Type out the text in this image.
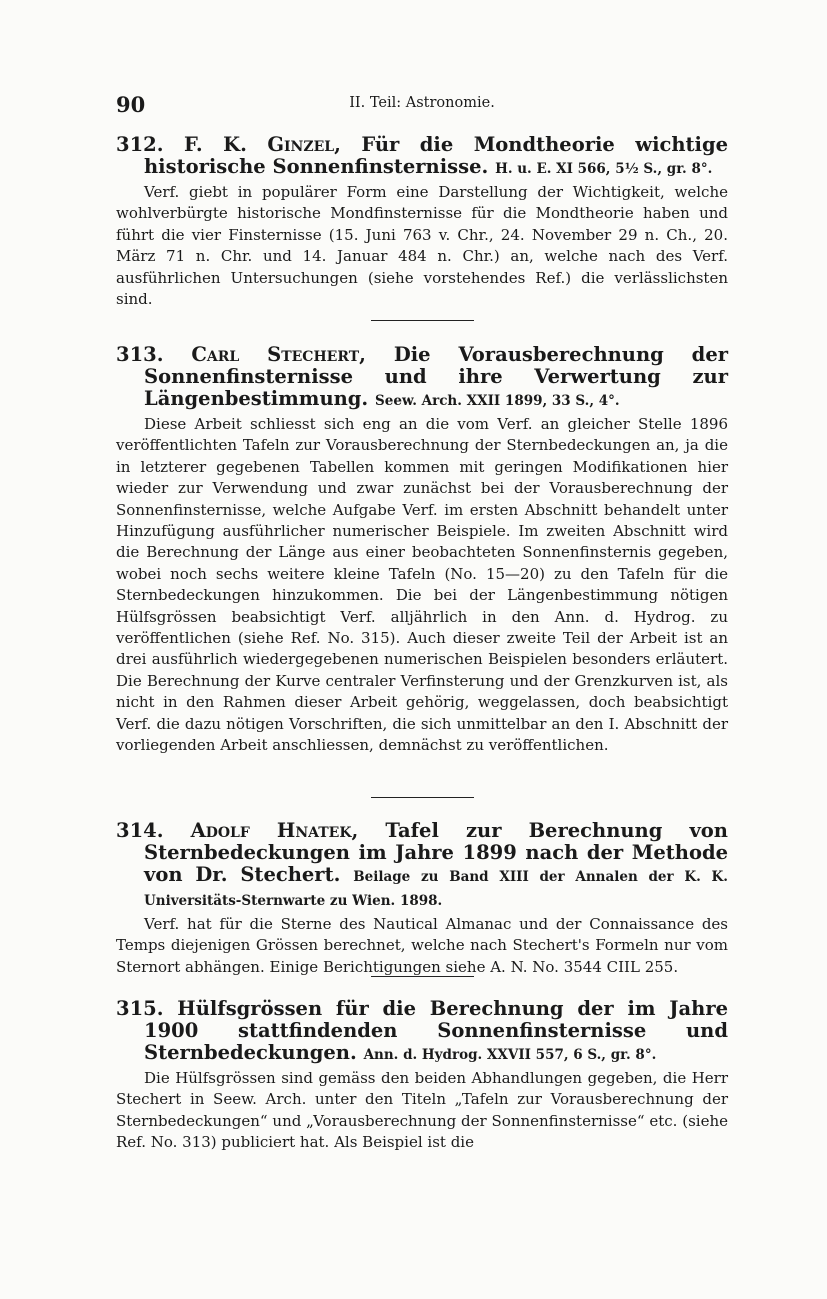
90	II. Teil: Astronomie.

312. F. K. Ginzel, Für die Mondtheorie wichtige historische Sonnenfinsternisse. H. u. E. XI 566, 5½ S., gr. 8°.

Verf. giebt in populärer Form eine Darstellung der Wichtigkeit, welche wohlverbürgte historische Mondfinsternisse für die Mondtheorie haben und führt die vier Finsternisse (15. Juni 763 v. Chr., 24. November 29 n. Ch., 20. März 71 n. Chr. und 14. Januar 484 n. Chr.) an, welche nach des Verf. ausführlichen Untersuchungen (siehe vorstehendes Ref.) die verlässlichsten sind.

313. Carl Stechert, Die Vorausberechnung der Sonnenfinsternisse und ihre Verwertung zur Längenbestimmung. Seew. Arch. XXII 1899, 33 S., 4°.

Diese Arbeit schliesst sich eng an die vom Verf. an gleicher Stelle 1896 veröffentlichten Tafeln zur Vorausberechnung der Sternbedeckungen an, ja die in letzterer gegebenen Tabellen kommen mit geringen Modifikationen hier wieder zur Verwendung und zwar zunächst bei der Vorausberechnung der Sonnenfinsternisse, welche Aufgabe Verf. im ersten Abschnitt behandelt unter Hinzufügung ausführlicher numerischer Beispiele. Im zweiten Abschnitt wird die Berechnung der Länge aus einer beobachteten Sonnenfinsternis gegeben, wobei noch sechs weitere kleine Tafeln (No. 15—20) zu den Tafeln für die Sternbedeckungen hinzukommen. Die bei der Längenbestimmung nötigen Hülfsgrössen beabsichtigt Verf. alljährlich in den Ann. d. Hydrog. zu veröffentlichen (siehe Ref. No. 315). Auch dieser zweite Teil der Arbeit ist an drei ausführlich wiedergegebenen numerischen Beispielen besonders erläutert. Die Berechnung der Kurve centraler Verfinsterung und der Grenzkurven ist, als nicht in den Rahmen dieser Arbeit gehörig, weggelassen, doch beabsichtigt Verf. die dazu nötigen Vorschriften, die sich unmittelbar an den I. Abschnitt der vorliegenden Arbeit anschliessen, demnächst zu veröffentlichen.

314. Adolf Hnatek, Tafel zur Berechnung von Sternbedeckungen im Jahre 1899 nach der Methode von Dr. Stechert. Beilage zu Band XIII der Annalen der K. K. Universitäts-Sternwarte zu Wien. 1898.

Verf. hat für die Sterne des Nautical Almanac und der Connaissance des Temps diejenigen Grössen berechnet, welche nach Stechert's Formeln nur vom Sternort abhängen. Einige Berichtigungen siehe A. N. No. 3544 CIIL 255.

315. Hülfsgrössen für die Berechnung der im Jahre 1900 stattfindenden Sonnenfinsternisse und Sternbedeckungen. Ann. d. Hydrog. XXVII 557, 6 S., gr. 8°.

Die Hülfsgrössen sind gemäss den beiden Abhandlungen gegeben, die Herr Stechert in Seew. Arch. unter den Titeln „Tafeln zur Vorausberechnung der Sternbedeckungen“ und „Vorausberechnung der Sonnenfinsternisse“ etc. (siehe Ref. No. 313) publiciert hat. Als Beispiel ist die
